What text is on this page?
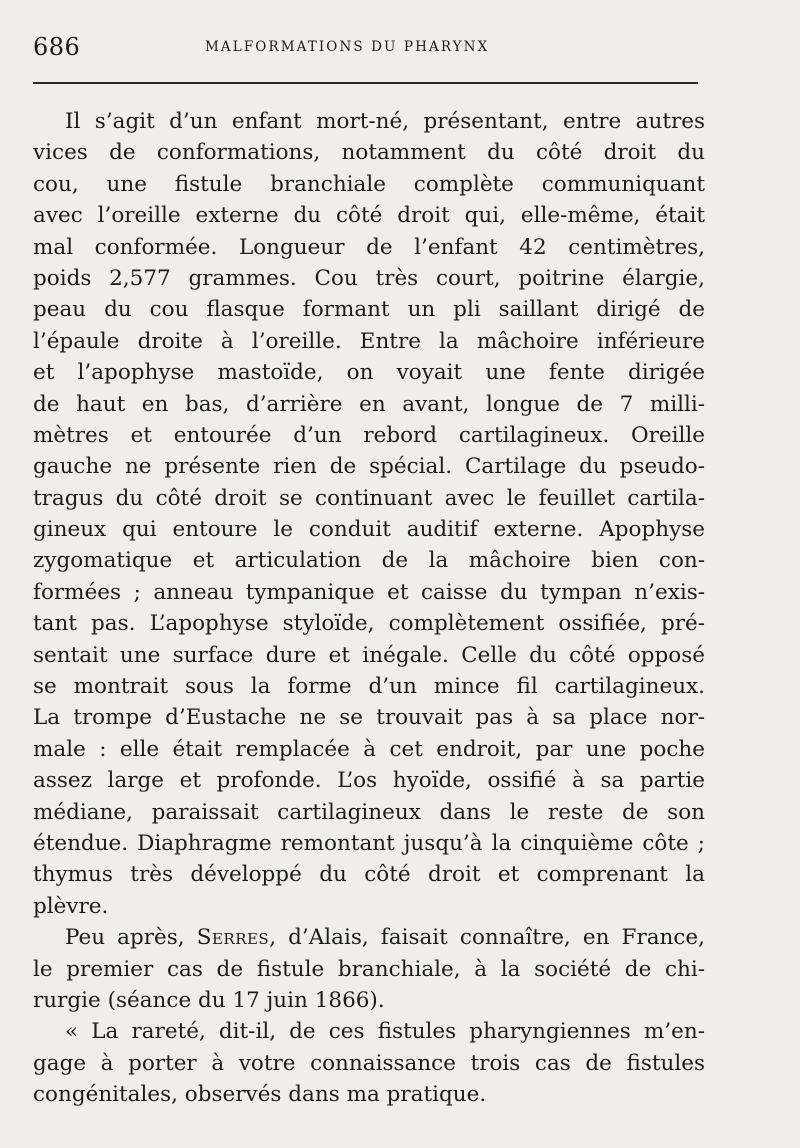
686	MALFORMATIONS DU PHARYNX
Il s’agit d’un enfant mort-né, présentant, entre autres
vices de conformations, notamment du côté droit du
cou, une fistule branchiale complète communiquant
avec l’oreille externe du côté droit qui, elle-même, était
mal conformée. Longueur de l’enfant 42 centimètres,
poids 2,577 grammes. Cou très court, poitrine élargie,
peau du cou flasque formant un pli saillant dirigé de
l’épaule droite à l’oreille. Entre la mâchoire inférieure
et l’apophyse mastoïde, on voyait une fente dirigée
de haut en bas, d’arrière en avant, longue de 7 milli-
mètres et entourée d’un rebord cartilagineux. Oreille
gauche ne présente rien de spécial. Cartilage du pseudo-
tragus du côté droit se continuant avec le feuillet cartila-
gineux qui entoure le conduit auditif externe. Apophyse
zygomatique et articulation de la mâchoire bien con-
formées ; anneau tympanique et caisse du tympan n’exis-
tant pas. L’apophyse styloïde, complètement ossifiée, pré-
sentait une surface dure et inégale. Celle du côté opposé
se montrait sous la forme d’un mince fil cartilagineux.
La trompe d’Eustache ne se trouvait pas à sa place nor-
male : elle était remplacée à cet endroit, par une poche
assez large et profonde. L’os hyoïde, ossifié à sa partie
médiane, paraissait cartilagineux dans le reste de son
étendue. Diaphragme remontant jusqu’à la cinquième côte ;
thymus très développé du côté droit et comprenant la
plèvre.
Peu après, Serres, d’Alais, faisait connaître, en France,
le premier cas de fistule branchiale, à la société de chi-
rurgie (séance du 17 juin 1866).
« La rareté, dit-il, de ces fistules pharyngiennes m’en-
gage à porter à votre connaissance trois cas de fistules
congénitales, observés dans ma pratique.
